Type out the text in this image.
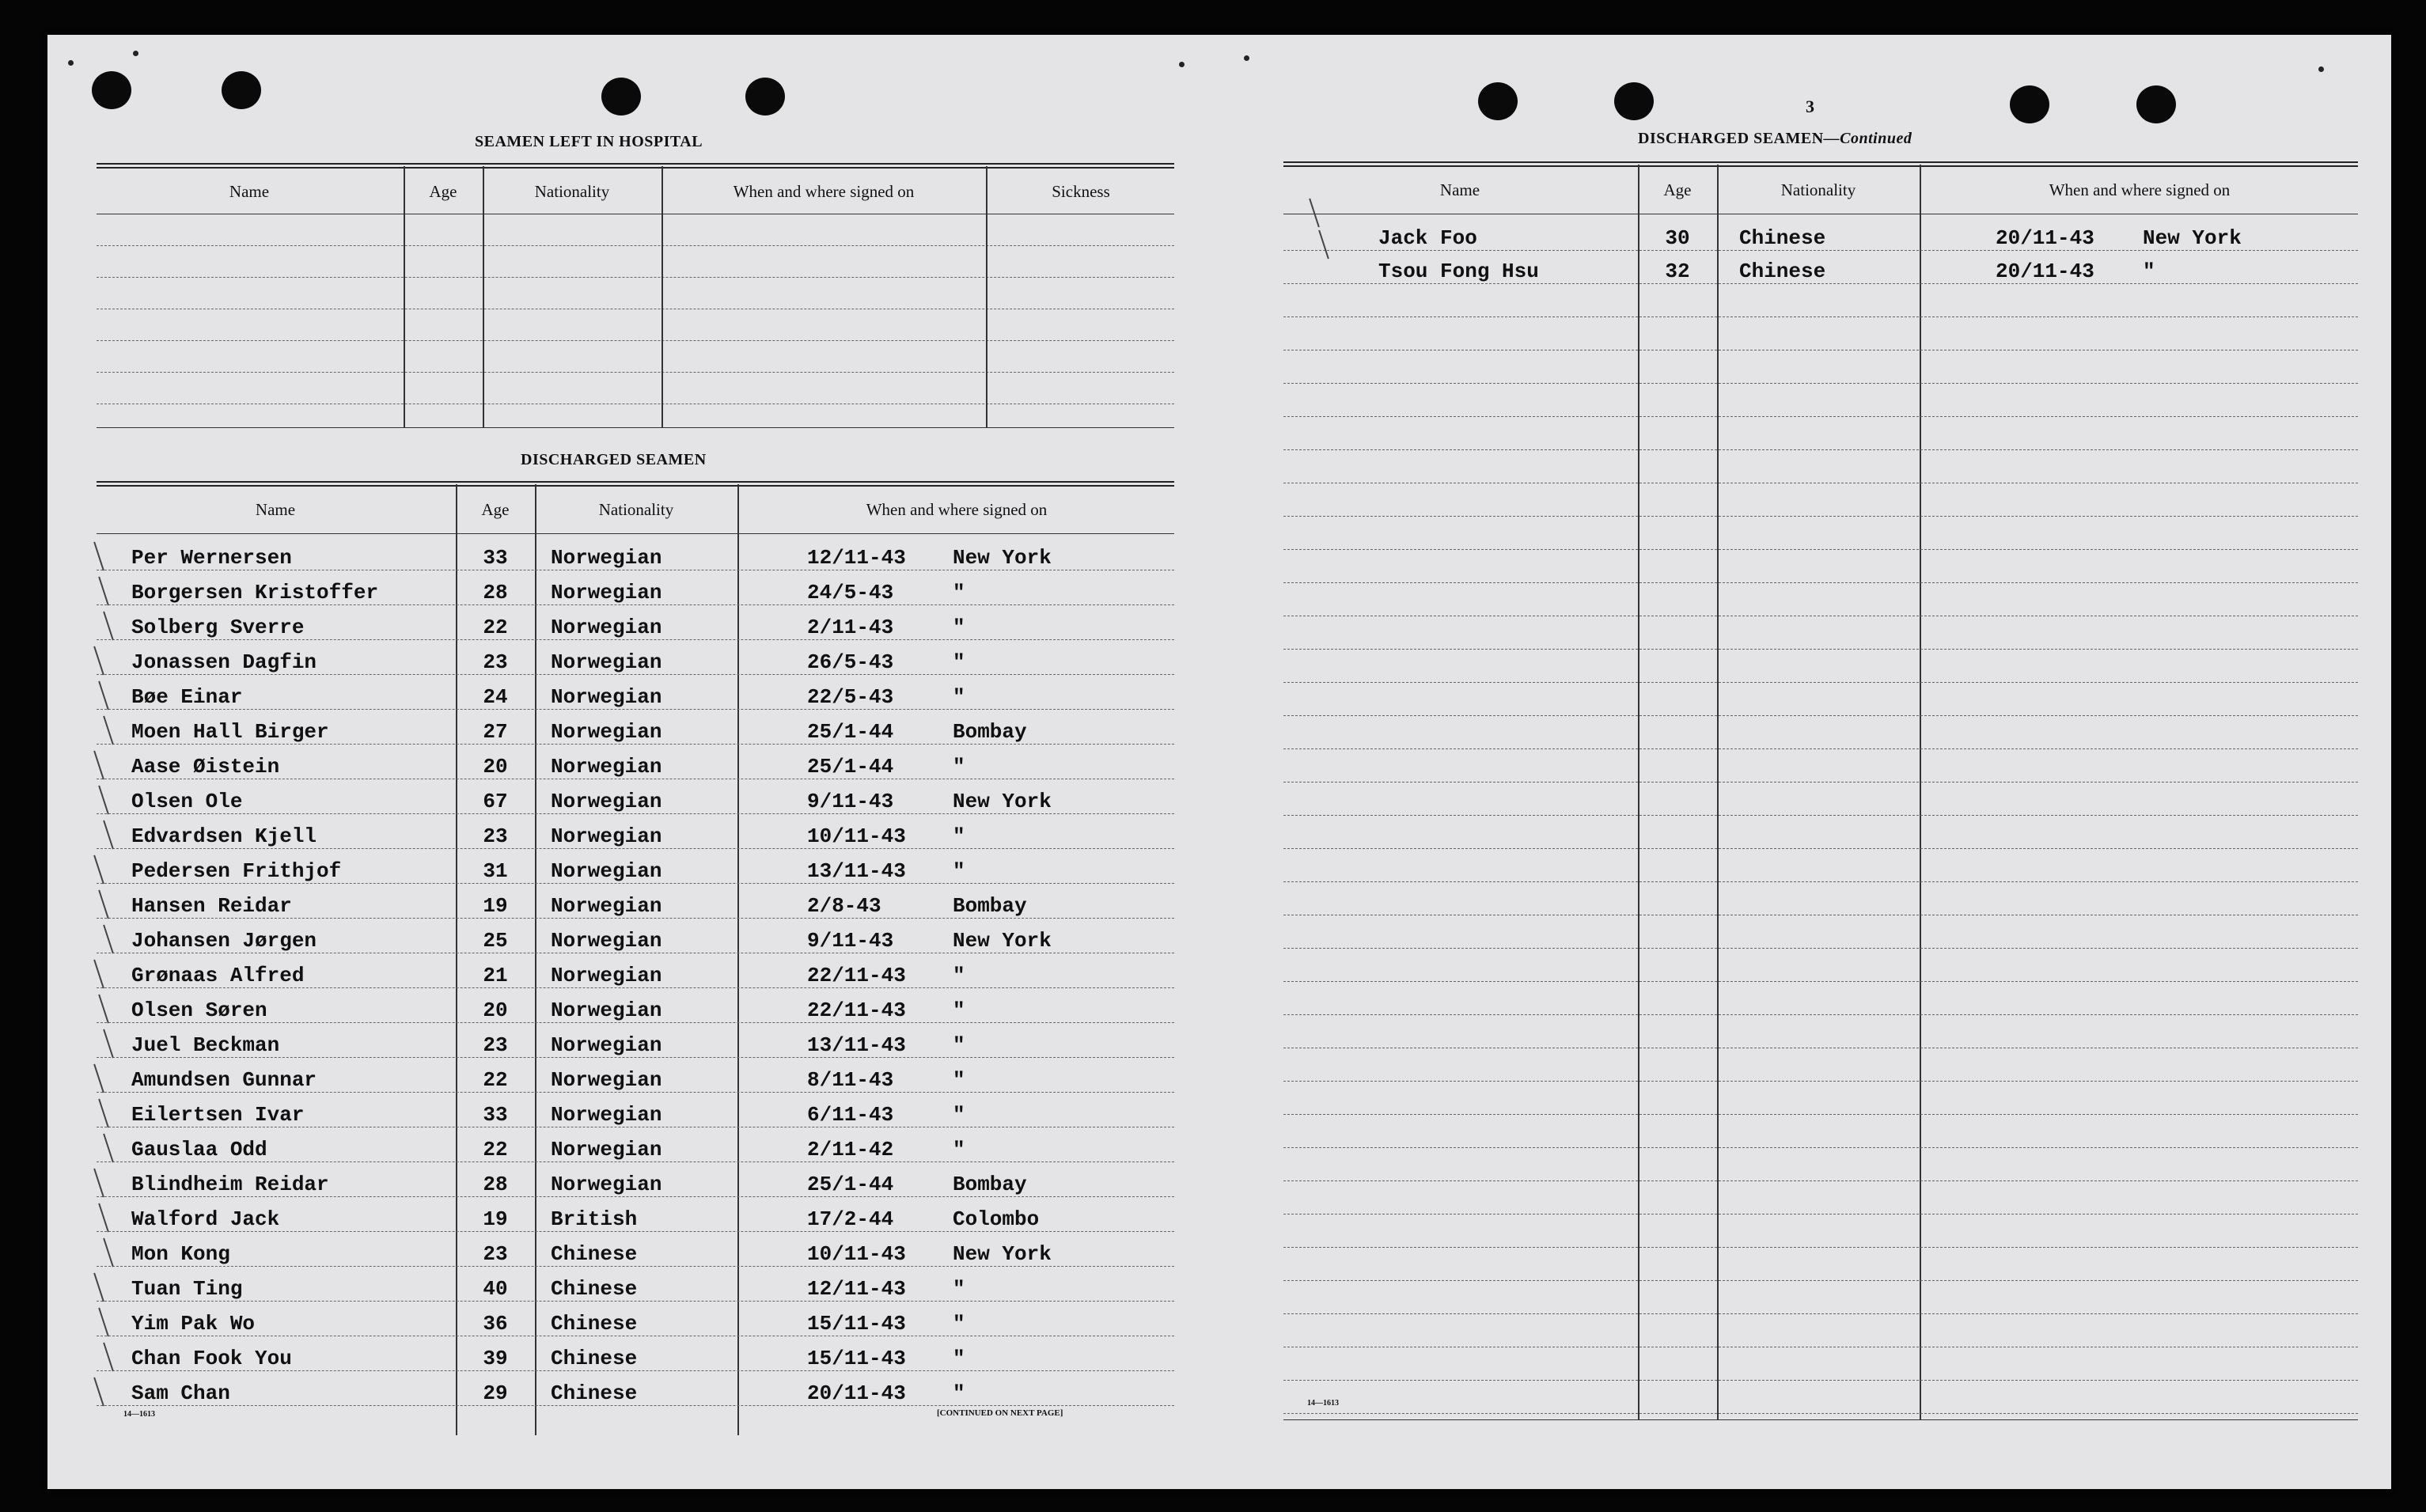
SEAMEN LEFT IN HOSPITAL
Name	Age	Nationality	When and where signed on	Sickness
DISCHARGED SEAMEN
Name	Age	Nationality	When and where signed on
Per Wernersen	33	Norwegian	12/11-43 New York
Borgersen Kristoffer	28	Norwegian	24/5-43	"
Solberg Sverre	22	Norwegian	2/11-43	"
Jonassen Dagfin	23	Norwegian	26/5-43	"
Bøe Einar	24	Norwegian	22/5-43	"
Moen Hall Birger	27	Norwegian	25/1-44	Bombay
Aase Øistein	20	Norwegian	25/1-44	"
Olsen Ole	67	Norwegian	9/11-43	New York
Edvardsen Kjell	23	Norwegian	10/11-43 "
Pedersen Frithjof	31	Norwegian	13/11-43 "
Hansen Reidar	19	Norwegian	2/8-43	Bombay
Johansen Jørgen	25	Norwegian	9/11-43	New York
Grønaas Alfred	21	Norwegian	22/11-43 "
Olsen Søren	20	Norwegian	22/11-43 "
Juel Beckman	23	Norwegian	13/11-43 "
Amundsen Gunnar	22	Norwegian	8/11-43	"
Eilertsen Ivar	33	Norwegian	6/11-43	"
Gauslaa Odd	22	Norwegian	2/11-42	"
Blindheim Reidar	28	Norwegian	25/1-44	Bombay
Walford Jack	19	British	17/2-44	Colombo
Mon Kong	23	Chinese	10/11-43 New York
Tuan Ting	40	Chinese	12/11-43 "
Yim Pak Wo	36	Chinese	15/11-43 "
Chan Fook You	39	Chinese	15/11-43 "
Sam Chan	29	Chinese	20/11-43 "
14—1613	[CONTINUED ON NEXT PAGE]
3
DISCHARGED SEAMEN—Continued
Name	Age	Nationality	When and where signed on
Jack Foo	30	Chinese	20/11-43 New York
Tsou Fong Hsu	32	Chinese	20/11-43 "
14—1613
